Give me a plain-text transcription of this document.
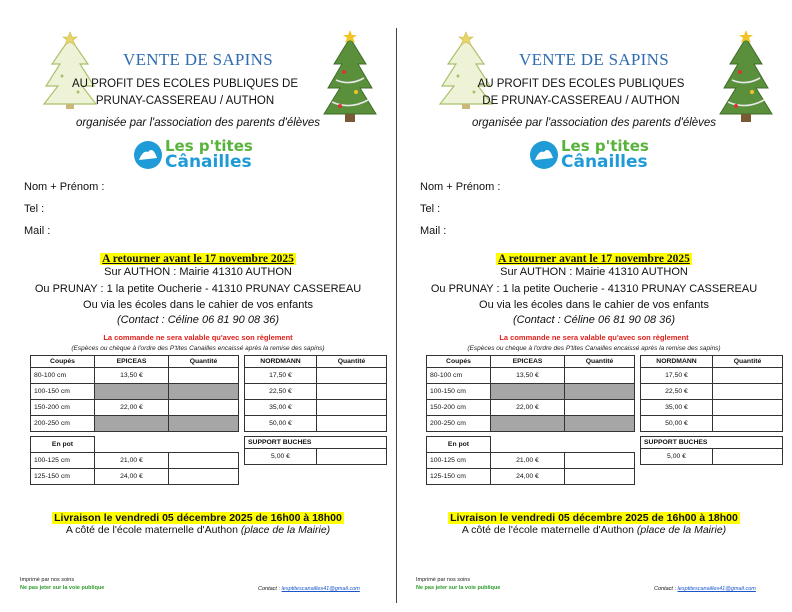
VENTE DE SAPINS
AU PROFIT DES ECOLES PUBLIQUES DE
PRUNAY-CASSEREAU / AUTHON
organisée par l'association des parents d'élèves
Les p'tites
Cânailles
Nom + Prénom :
Tel :
Mail :
A retourner avant le 17 novembre 2025
Sur AUTHON : Mairie 41310 AUTHON
Ou PRUNAY : 1 la petite Oucherie - 41310 PRUNAY CASSEREAU
Ou via les écoles dans le cahier de vos enfants
(Contact : Céline 06 81 90 08 36)
La commande ne sera valable qu'avec son règlement
(Espèces ou chèque à l'ordre des P'tites Canailles encaissé après la remise des sapins)
Coupés	EPICEAS	Quantité
80-100 cm	13,50 €	
100-150 cm		
150-200 cm	22,00 €	
200-250 cm		
NORDMANN	Quantité
17,50 €	
22,50 €	
35,00 €	
50,00 €	
En pot		
100-125 cm	21,00 €	
125-150 cm	24,00 €	
SUPPORT BUCHES
5,00 €	
Livraison le vendredi 05 décembre 2025 de 16h00 à 18h00
A côté de l'école maternelle d'Authon (place de la Mairie)
Imprimé par nos soins
Ne pas jeter sur la voie publique	Contact : lesptitescanailles41@gmail.com
VENTE DE SAPINS
AU PROFIT DES ECOLES PUBLIQUES
DE PRUNAY-CASSEREAU / AUTHON
organisée par l'association des parents d'élèves
Les p'tites
Cânailles
Nom + Prénom :
Tel :
Mail :
A retourner avant le 17 novembre 2025
Sur AUTHON : Mairie 41310 AUTHON
Ou PRUNAY : 1 la petite Oucherie - 41310 PRUNAY CASSEREAU
Ou via les écoles dans le cahier de vos enfants
(Contact : Céline 06 81 90 08 36)
La commande ne sera valable qu'avec son règlement
(Espèces ou chèque à l'ordre des P'tites Canailles encaissé après la remise des sapins)
Coupés	EPICEAS	Quantité
80-100 cm	13,50 €	
100-150 cm		
150-200 cm	22,00 €	
200-250 cm		
NORDMANN	Quantité
17,50 €	
22,50 €	
35,00 €	
50,00 €	
En pot		
100-125 cm	21,00 €	
125-150 cm	24,00 €	
SUPPORT BUCHES
5,00 €	
Livraison le vendredi 05 décembre 2025 de 16h00 à 18h00
A côté de l'école maternelle d'Authon (place de la Mairie)
Imprimé par nos soins
Ne pas jeter sur la voie publique	Contact : lesptitescanailles41@gmail.com
